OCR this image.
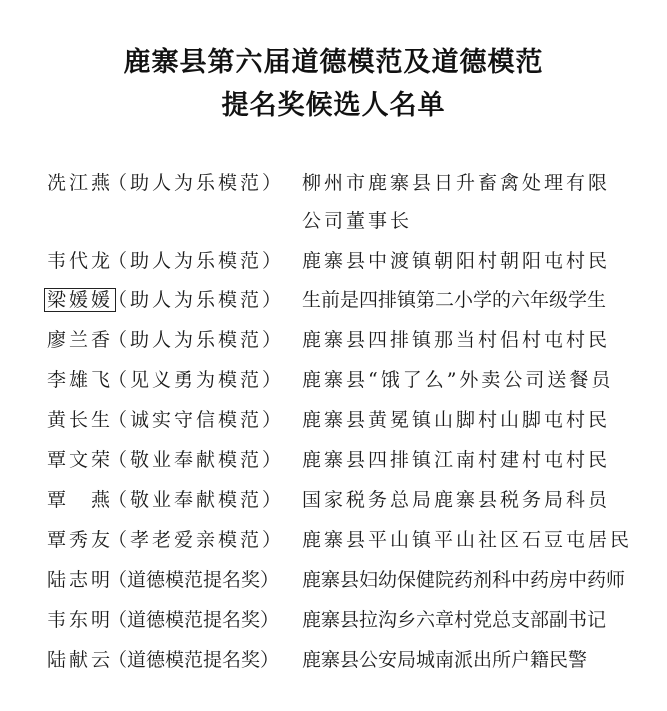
鹿寨县第六届道德模范及道德模范
提名奖候选人名单
冼江燕
（助人为乐模范） 柳州市鹿寨县日升畜禽处理有限
公司董事长
韦代龙
（助人为乐模范） 鹿寨县中渡镇朝阳村朝阳屯村民
梁媛媛
（助人为乐模范） 生前是四排镇第二小学的六年级学生
廖兰香
（助人为乐模范） 鹿寨县四排镇那当村侣村屯村民
李雄飞
（见义勇为模范） 鹿寨县“饿了么”外卖公司送餐员
黄长生
（诚实守信模范） 鹿寨县黄冕镇山脚村山脚屯村民
覃文荣
（敬业奉献模范） 鹿寨县四排镇江南村建村屯村民
覃　燕
（敬业奉献模范） 国家税务总局鹿寨县税务局科员
覃秀友
（孝老爱亲模范） 鹿寨县平山镇平山社区石豆屯居民
陆志明
（道德模范提名奖） 鹿寨县妇幼保健院药剂科中药房中药师
韦东明
（道德模范提名奖） 鹿寨县拉沟乡六章村党总支部副书记
陆献云
（道德模范提名奖） 鹿寨县公安局城南派出所户籍民警
